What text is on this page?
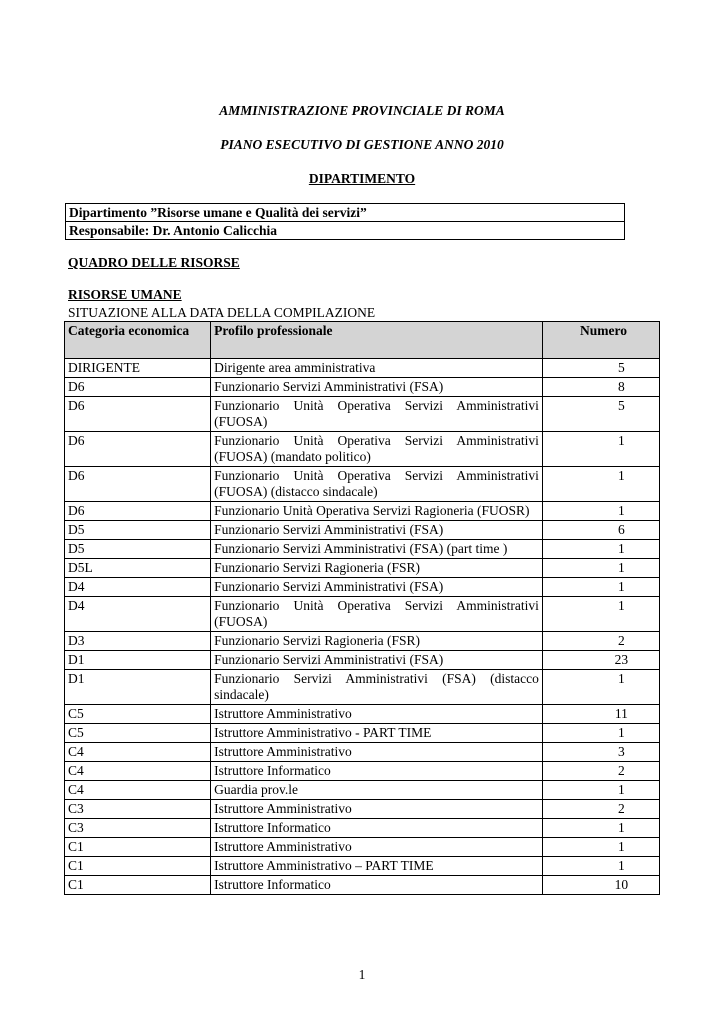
AMMINISTRAZIONE PROVINCIALE DI ROMA
PIANO ESECUTIVO DI GESTIONE ANNO 2010
DIPARTIMENTO
Dipartimento ”Risorse umane e Qualità dei servizi”
Responsabile: Dr. Antonio Calicchia
QUADRO DELLE RISORSE
RISORSE UMANE
SITUAZIONE ALLA DATA DELLA COMPILAZIONE
Categoria economica	Profilo professionale	Numero
DIRIGENTE	Dirigente area amministrativa	5
D6	Funzionario Servizi Amministrativi (FSA)	8
D6	Funzionario Unità Operativa Servizi Amministrativi (FUOSA)	5
D6	Funzionario Unità Operativa Servizi Amministrativi (FUOSA) (mandato politico)	1
D6	Funzionario Unità Operativa Servizi Amministrativi (FUOSA) (distacco sindacale)	1
D6	Funzionario Unità Operativa Servizi Ragioneria (FUOSR)	1
D5	Funzionario Servizi Amministrativi (FSA)	6
D5	Funzionario Servizi Amministrativi (FSA) (part time )	1
D5L	Funzionario Servizi Ragioneria (FSR)	1
D4	Funzionario Servizi Amministrativi (FSA)	1
D4	Funzionario Unità Operativa Servizi Amministrativi (FUOSA)	1
D3	Funzionario Servizi Ragioneria (FSR)	2
D1	Funzionario Servizi Amministrativi (FSA)	23
D1	Funzionario Servizi Amministrativi (FSA) (distacco sindacale)	1
C5	Istruttore Amministrativo	11
C5	Istruttore Amministrativo - PART TIME	1
C4	Istruttore Amministrativo	3
C4	Istruttore Informatico	2
C4	Guardia prov.le	1
C3	Istruttore Amministrativo	2
C3	Istruttore Informatico	1
C1	Istruttore Amministrativo	1
C1	Istruttore Amministrativo – PART TIME	1
C1	Istruttore Informatico	10
1
